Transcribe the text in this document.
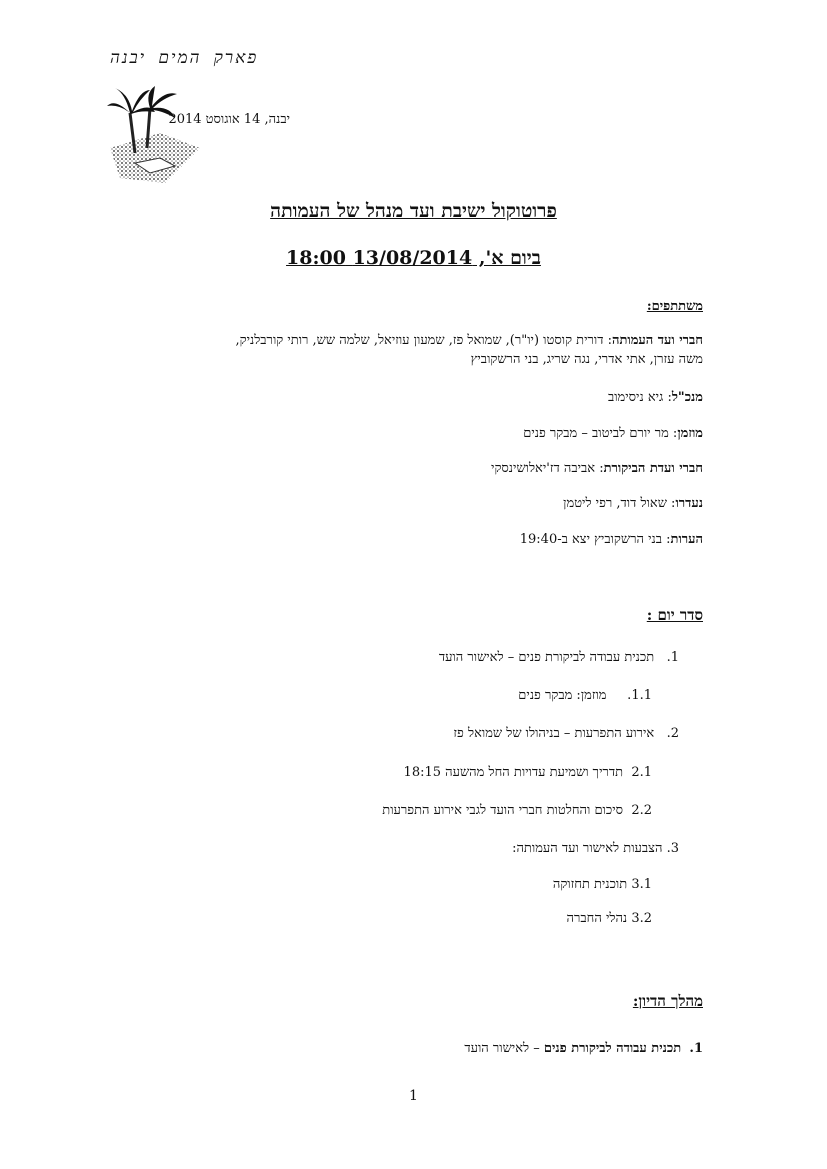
פארק המים יבנה
יבנה, 14 אוגוסט 2014
פרוטוקול ישיבת ועד מנהל של העמותה
ביום א', 13/08/2014 18:00
משתתפים:
חברי ועד העמותה: דורית קוסטו (יו"ר), שמואל פז, שמעון עוזיאל, שלמה שש, רותי קורבלניק,
משה עזרן, אתי אדרי, נגה שריג, בני הרשקוביץ
מנכ"ל: גיא ניסימוב
מוזמן: מר יורם לביטוב – מבקר פנים
חברי ועדת הביקורת: אביבה דז'יאלושינסקי
נעדרו: שאול דוד, רפי ליטמן
הערות: בני הרשקוביץ יצא ב-19:40
סדר יום :
1.   תכנית עבודה לביקורת פנים – לאישור הועד
1.1.     מוזמן: מבקר פנים
2.   אירוע התפרעות – בניהולו של שמואל פז
2.1  תדריך ושמיעת עדויות החל מהשעה 18:15
2.2  סיכום והחלטות חברי הועד לגבי אירוע התפרעות
3. הצבעות לאישור ועד העמותה:
3.1 תוכנית תחזוקה
3.2 נהלי החברה
מהלך הדיון:
1.  תכנית עבודה לביקורת פנים – לאישור הועד
1
